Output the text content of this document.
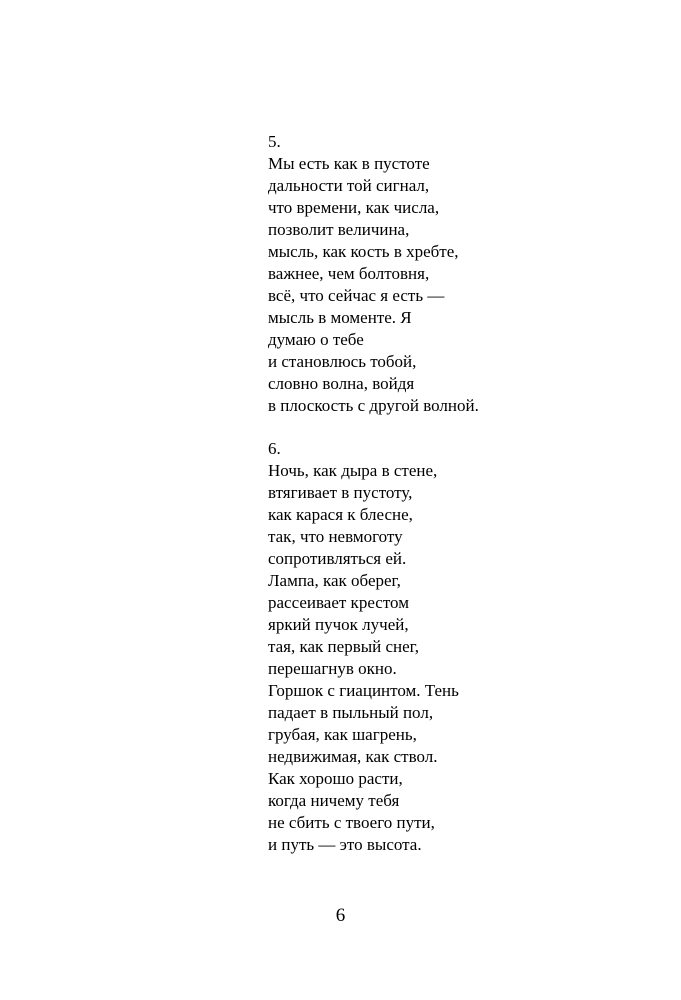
5.
Мы есть как в пустоте
дальности той сигнал,
что времени, как числа,
позволит величина,
мысль, как кость в хребте,
важнее, чем болтовня,
всё, что сейчас я есть —
мысль в моменте. Я
думаю о тебе
и становлюсь тобой,
словно волна, войдя
в плоскость с другой волной.
6.
Ночь, как дыра в стене,
втягивает в пустоту,
как карася к блесне,
так, что невмоготу
сопротивляться ей.
Лампа, как оберег,
рассеивает крестом
яркий пучок лучей,
тая, как первый снег,
перешагнув окно.
Горшок с гиацинтом. Тень
падает в пыльный пол,
грубая, как шагрень,
недвижимая, как ствол.
Как хорошо расти,
когда ничему тебя
не сбить с твоего пути,
и путь — это высота.
6
